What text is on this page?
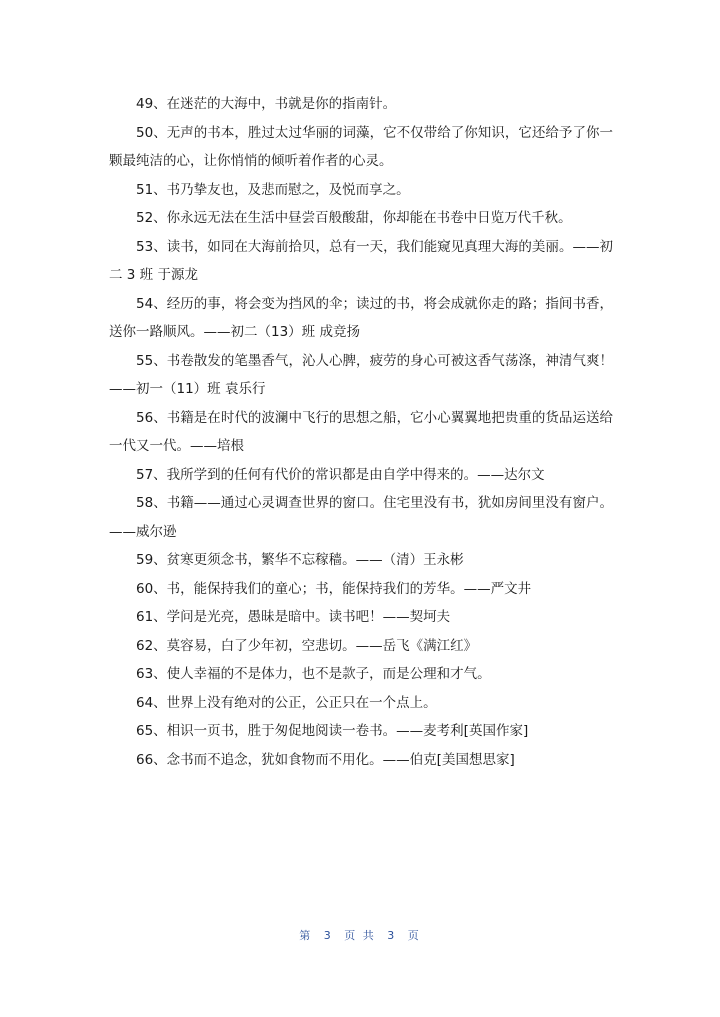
49、在迷茫的大海中，书就是你的指南针。

50、无声的书本，胜过太过华丽的词藻，它不仅带给了你知识，它还给予了你一颗最纯洁的心，让你悄悄的倾听着作者的心灵。

51、书乃挚友也，及悲而慰之，及悦而享之。

52、你永远无法在生活中昼尝百般酸甜，你却能在书卷中日览万代千秋。

53、读书，如同在大海前拾贝，总有一天，我们能窥见真理大海的美丽。——初二 3 班 于源龙

54、经历的事，将会变为挡风的伞；读过的书，将会成就你走的路；指间书香，送你一路顺风。——初二（13）班 成竞扬

55、书卷散发的笔墨香气，沁人心脾，疲劳的身心可被这香气荡涤，神清气爽！——初一（11）班 袁乐行

56、书籍是在时代的波澜中飞行的思想之船，它小心翼翼地把贵重的货品运送给一代又一代。——培根

57、我所学到的任何有代价的常识都是由自学中得来的。——达尔文

58、书籍——通过心灵调查世界的窗口。住宅里没有书，犹如房间里没有窗户。——威尔逊

59、贫寒更须念书，繁华不忘稼穑。——（清）王永彬

60、书，能保持我们的童心；书，能保持我们的芳华。——严文井

61、学问是光亮，愚昧是暗中。读书吧！——契坷夫

62、莫容易，白了少年初，空悲切。——岳飞《满江红》

63、使人幸福的不是体力，也不是款子，而是公理和才气。

64、世界上没有绝对的公正，公正只在一个点上。

65、相识一页书，胜于匆促地阅读一卷书。——麦考利[英国作家]

66、念书而不追念，犹如食物而不用化。——伯克[美国想思家]

第 3 页 共 3 页
